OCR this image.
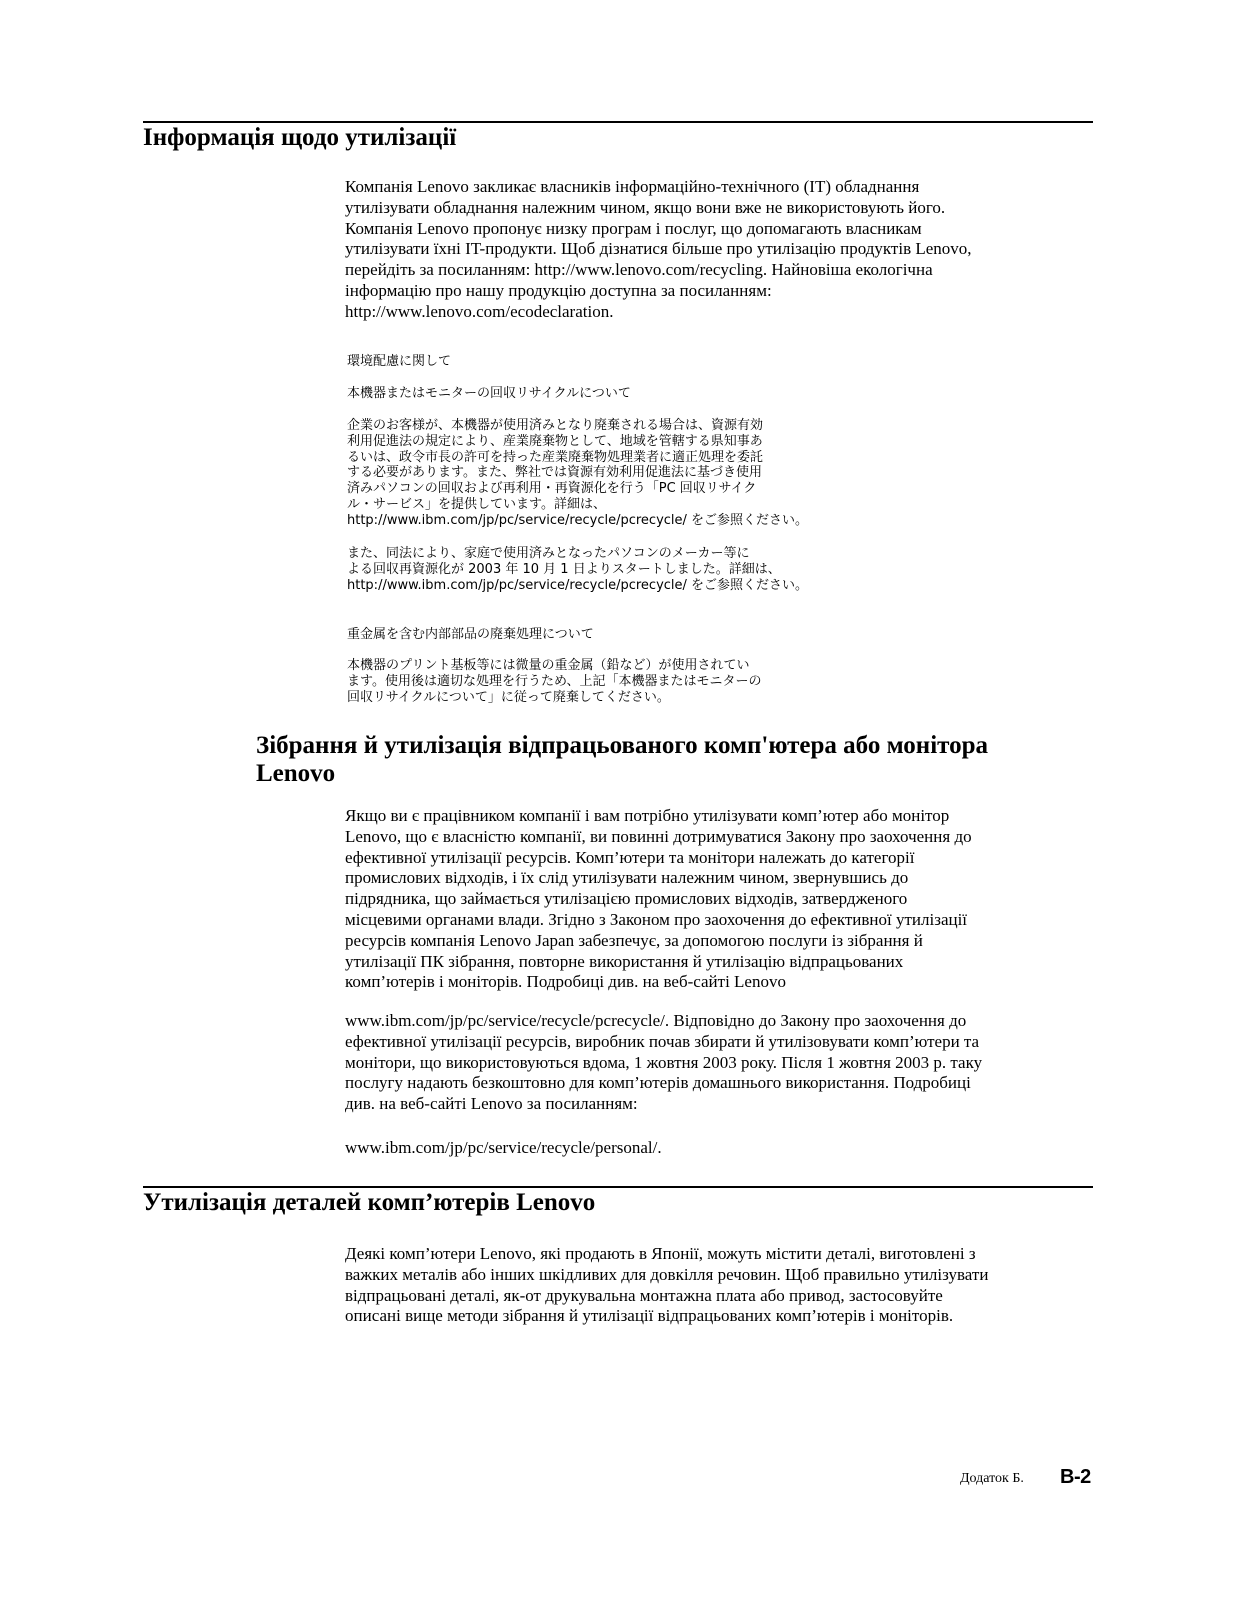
Інформація щодо утилізації
Компанія Lenovo закликає власників інформаційно-технічного (IT) обладнання
утилізувати обладнання належним чином, якщо вони вже не використовують його.
Компанія Lenovo пропонує низку програм і послуг, що допомагають власникам
утилізувати їхні IT-продукти. Щоб дізнатися більше про утилізацію продуктів Lenovo,
перейдіть за посиланням: http://www.lenovo.com/recycling. Найновіша екологічна
інформацію про нашу продукцію доступна за посиланням:
http://www.lenovo.com/ecodeclaration.
環境配慮に関して
本機器またはモニターの回収リサイクルについて
企業のお客様が、本機器が使用済みとなり廃棄される場合は、資源有効
利用促進法の規定により、産業廃棄物として、地域を管轄する県知事あ
るいは、政令市長の許可を持った産業廃棄物処理業者に適正処理を委託
する必要があります。また、弊社では資源有効利用促進法に基づき使用
済みパソコンの回収および再利用・再資源化を行う「PC 回収リサイク
ル・サービス」を提供しています。詳細は、
http://www.ibm.com/jp/pc/service/recycle/pcrecycle/ をご参照ください。
また、同法により、家庭で使用済みとなったパソコンのメーカー等に
よる回収再資源化が 2003 年 10 月 1 日よりスタートしました。詳細は、
http://www.ibm.com/jp/pc/service/recycle/pcrecycle/ をご参照ください。
重金属を含む内部部品の廃棄処理について
本機器のプリント基板等には微量の重金属（鉛など）が使用されてい
ます。使用後は適切な処理を行うため、上記「本機器またはモニターの
回収リサイクルについて」に従って廃棄してください。
Зібрання й утилізація відпрацьованого комп'ютера або монітора
Lenovo
Якщо ви є працівником компанії і вам потрібно утилізувати комп’ютер або монітор
Lenovo, що є власністю компанії, ви повинні дотримуватися Закону про заохочення до
ефективної утилізації ресурсів. Комп’ютери та монітори належать до категорії
промислових відходів, і їх слід утилізувати належним чином, звернувшись до
підрядника, що займається утилізацією промислових відходів, затвердженого
місцевими органами влади. Згідно з Законом про заохочення до ефективної утилізації
ресурсів компанія Lenovo Japan забезпечує, за допомогою послуги із зібрання й
утилізації ПК зібрання, повторне використання й утилізацію відпрацьованих
комп’ютерів і моніторів. Подробиці див. на веб-сайті Lenovo
www.ibm.com/jp/pc/service/recycle/pcrecycle/. Відповідно до Закону про заохочення до
ефективної утилізації ресурсів, виробник почав збирати й утилізовувати комп’ютери та
монітори, що використовуються вдома, 1 жовтня 2003 року. Після 1 жовтня 2003 р. таку
послугу надають безкоштовно для комп’ютерів домашнього використання. Подробиці
див. на веб-сайті Lenovo за посиланням:
www.ibm.com/jp/pc/service/recycle/personal/.
Утилізація деталей комп’ютерів Lenovo
Деякі комп’ютери Lenovo, які продають в Японії, можуть містити деталі, виготовлені з
важких металів або інших шкідливих для довкілля речовин. Щоб правильно утилізувати
відпрацьовані деталі, як-от друкувальна монтажна плата або привод, застосовуйте
описані вище методи зібрання й утилізації відпрацьованих комп’ютерів і моніторів.
Додаток Б. B-2
